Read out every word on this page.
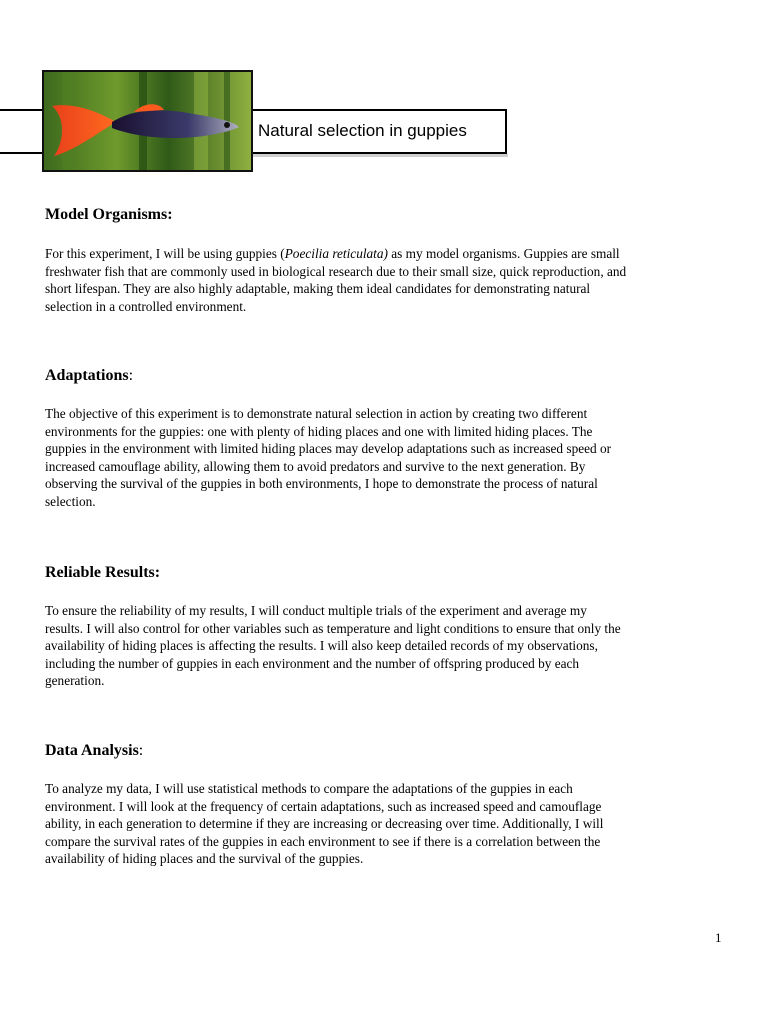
Natural selection in guppies
Model Organisms:

For this experiment, I will be using guppies (Poecilia reticulata) as my model organisms. Guppies are small
freshwater fish that are commonly used in biological research due to their small size, quick reproduction, and
short lifespan. They are also highly adaptable, making them ideal candidates for demonstrating natural
selection in a controlled environment.

Adaptations:

The objective of this experiment is to demonstrate natural selection in action by creating two different
environments for the guppies: one with plenty of hiding places and one with limited hiding places. The
guppies in the environment with limited hiding places may develop adaptations such as increased speed or
increased camouflage ability, allowing them to avoid predators and survive to the next generation. By
observing the survival of the guppies in both environments, I hope to demonstrate the process of natural
selection.

Reliable Results:

To ensure the reliability of my results, I will conduct multiple trials of the experiment and average my
results. I will also control for other variables such as temperature and light conditions to ensure that only the
availability of hiding places is affecting the results. I will also keep detailed records of my observations,
including the number of guppies in each environment and the number of offspring produced by each
generation.

Data Analysis:

To analyze my data, I will use statistical methods to compare the adaptations of the guppies in each
environment. I will look at the frequency of certain adaptations, such as increased speed and camouflage
ability, in each generation to determine if they are increasing or decreasing over time. Additionally, I will
compare the survival rates of the guppies in each environment to see if there is a correlation between the
availability of hiding places and the survival of the guppies.

1
